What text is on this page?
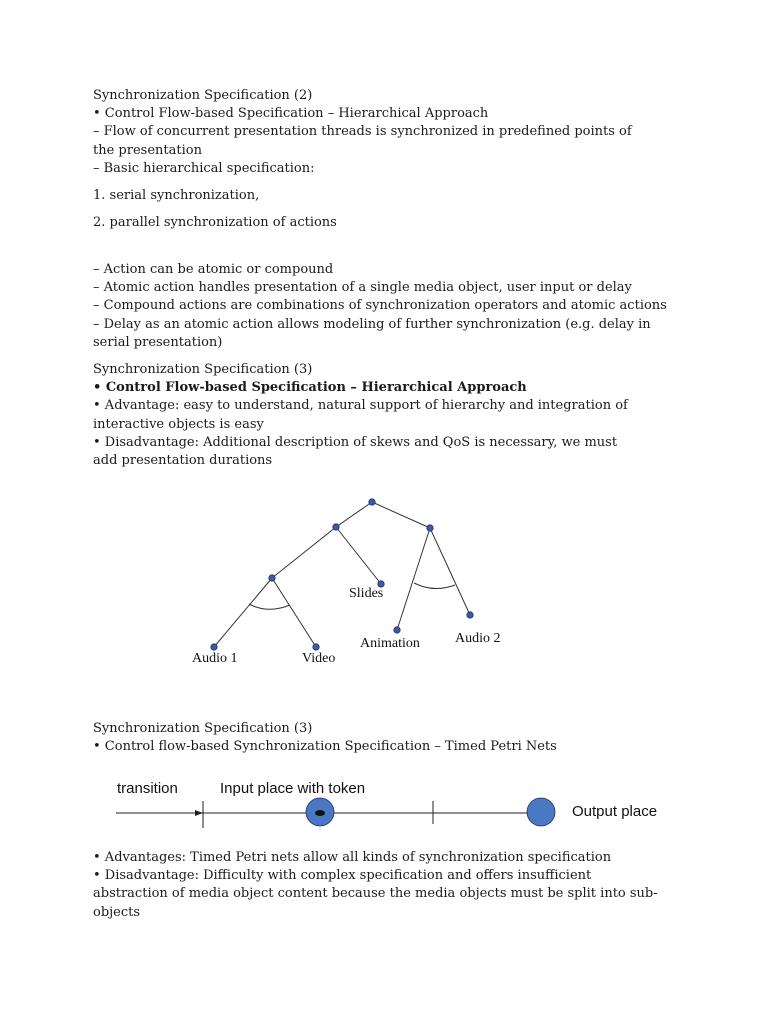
Synchronization Specification (2)
• Control Flow-based Specification – Hierarchical Approach
– Flow of concurrent presentation threads is synchronized in predefined points of the presentation
– Basic hierarchical specification:
1. serial synchronization,
2. parallel synchronization of actions
– Action can be atomic or compound
– Atomic action handles presentation of a single media object, user input or delay
– Compound actions are combinations of synchronization operators and atomic actions
– Delay as an atomic action allows modeling of further synchronization (e.g. delay in serial presentation)
Synchronization Specification (3)
• Control Flow-based Specification – Hierarchical Approach
• Advantage: easy to understand, natural support of hierarchy and integration of interactive objects is easy
• Disadvantage: Additional description of skews and QoS is necessary, we must add presentation durations
Slides
Audio 1	Video
Animation	Audio 2
Synchronization Specification (3)
• Control flow-based Synchronization Specification – Timed Petri Nets
transition	Input place with token
Output place
• Advantages: Timed Petri nets allow all kinds of synchronization specification
• Disadvantage: Difficulty with complex specification and offers insufficient abstraction of media object content because the media objects must be split into sub-objects
